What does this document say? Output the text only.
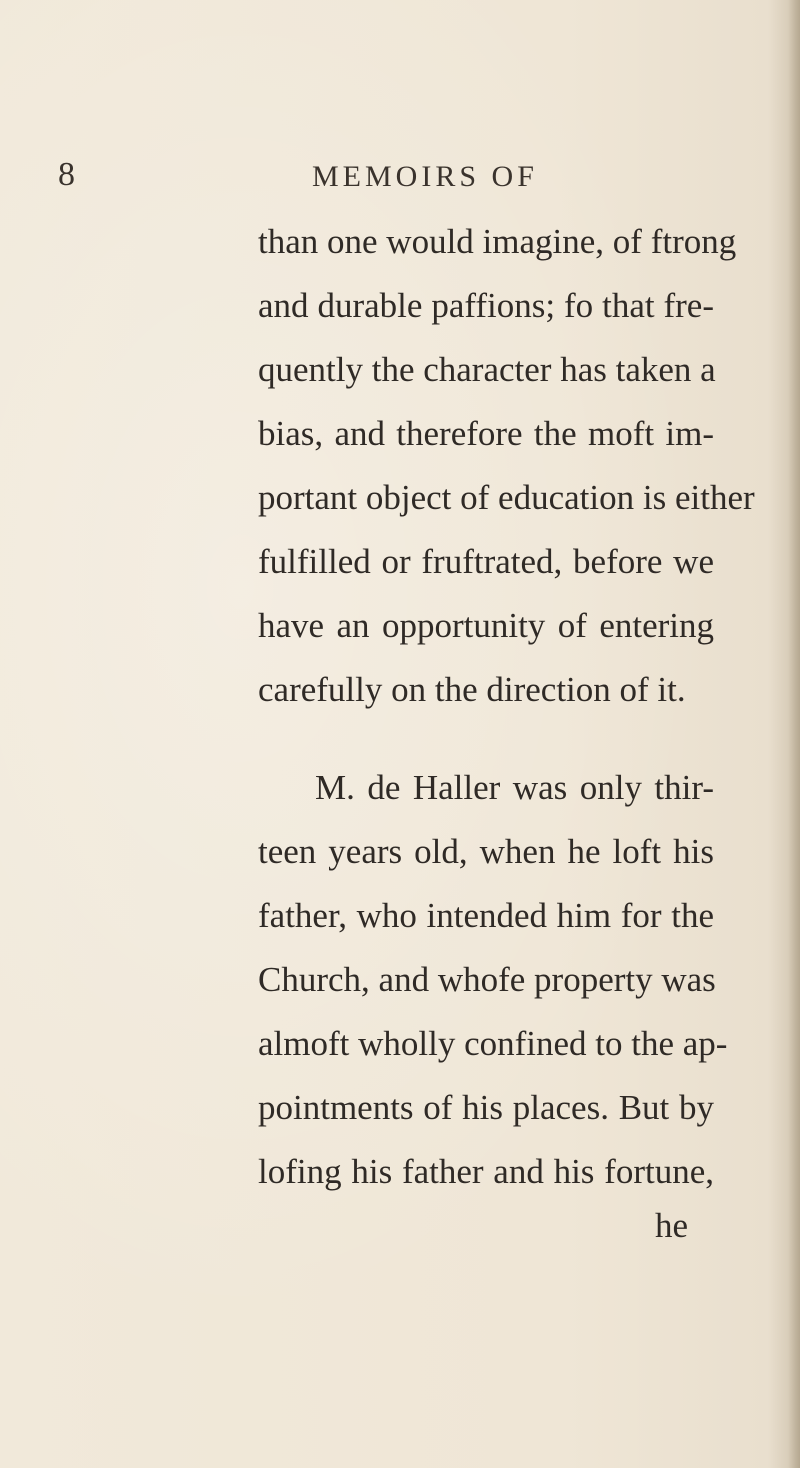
8	MEMOIRS OF
than one would imagine, of ftrong
and durable paffions; fo that fre-
quently the character has taken a
bias, and therefore the moft im-
portant object of education is either
fulfilled or fruftrated, before we
have an opportunity of entering
carefully on the direction of it.
M. de Haller was only thir-
teen years old, when he loft his
father, who intended him for the
Church, and whofe property was
almoft wholly confined to the ap-
pointments of his places. But by
lofing his father and his fortune,
he
